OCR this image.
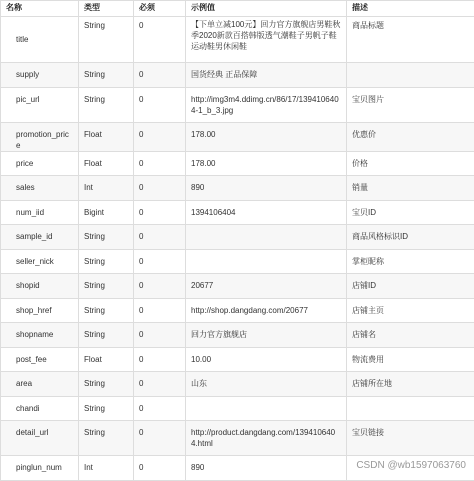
名称	类型	必须	示例值	描述
title	String	0	【下单立减100元】回力官方旗舰店男鞋秋季2020新款百搭韩版透气潮鞋子男帆子鞋运动鞋男休闲鞋	商品标题
supply	String	0	国货经典 正品保障	
pic_url	String	0	http://img3m4.ddimg.cn/86/17/1394106404-1_b_3.jpg	宝贝图片
promotion_price	Float	0	178.00	优惠价
price	Float	0	178.00	价格
sales	Int	0	890	销量
num_iid	Bigint	0	1394106404	宝贝ID
sample_id	String	0		商品风格标识ID
seller_nick	String	0		掌柜昵称
shopid	String	0	20677	店铺ID
shop_href	String	0	http://shop.dangdang.com/20677	店铺主页
shopname	String	0	回力官方旗舰店	店铺名
post_fee	Float	0	10.00	物流费用
area	String	0	山东	店铺所在地
chandi	String	0		
detail_url	String	0	http://product.dangdang.com/1394106404.html	宝贝链接
pinglun_num	Int	0	890		CSDN @wb1597063760
